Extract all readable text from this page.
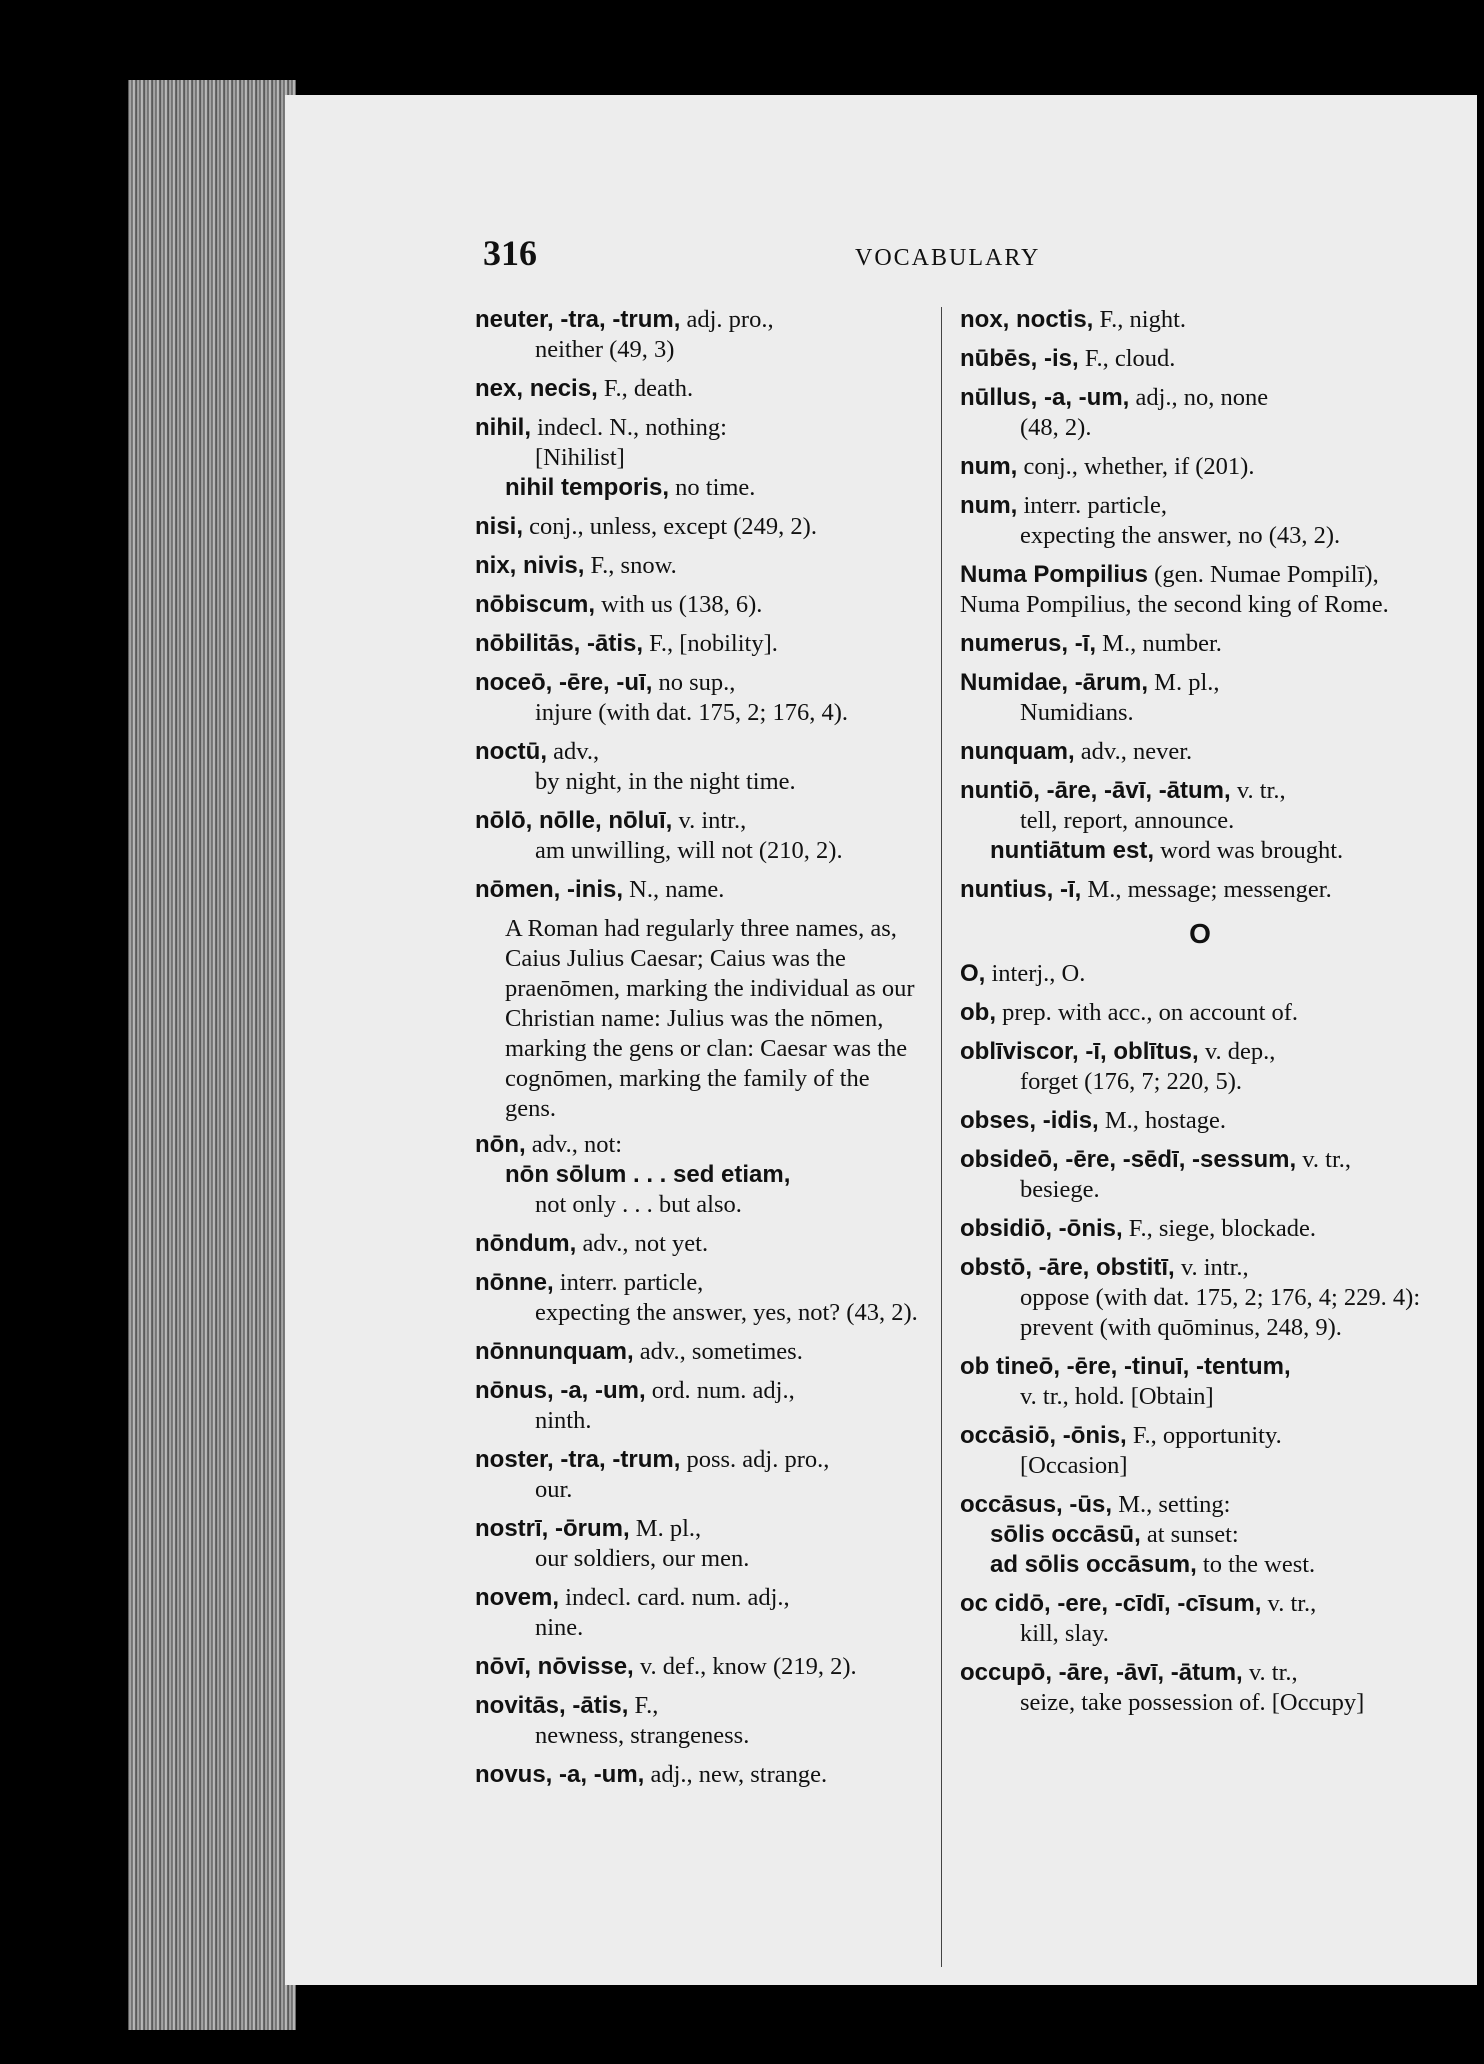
316	VOCABULARY
neuter, -tra, -trum, adj. pro.,
neither (49, 3)
nex, necis, F., death.
nihil, indecl. N., nothing:
[Nihilist]
nihil temporis, no time.
nisi, conj., unless, except (249, 2).
nix, nivis, F., snow.
nōbiscum, with us (138, 6).
nōbilitās, -ātis, F., [nobility].
noceō, -ēre, -uī, no sup.,
injure (with dat. 175, 2; 176, 4).
noctū, adv.,
by night, in the night time.
nōlō, nōlle, nōluī, v. intr.,
am unwilling, will not (210, 2).
nōmen, -inis, N., name.

A Roman had regularly three names, as, Caius Julius Caesar; Caius was the praenōmen, marking the individual as our Christian name: Julius was the nōmen, marking the gens or clan: Caesar was the cognōmen, marking the family of the gens.

nōn, adv., not:
nōn sōlum . . . sed etiam,
not only . . . but also.
nōndum, adv., not yet.
nōnne, interr. particle,
expecting the answer, yes, not? (43, 2).
nōnnunquam, adv., sometimes.
nōnus, -a, -um, ord. num. adj.,
ninth.
noster, -tra, -trum, poss. adj. pro.,
our.
nostrī, -ōrum, M. pl.,
our soldiers, our men.
novem, indecl. card. num. adj.,
nine.
nōvī, nōvisse, v. def., know (219, 2).
novitās, -ātis, F.,
newness, strangeness.
novus, -a, -um, adj., new, strange.
nox, noctis, F., night.
nūbēs, -is, F., cloud.
nūllus, -a, -um, adj., no, none
(48, 2).
num, conj., whether, if (201).
num, interr. particle,
expecting the answer, no (43, 2).
Numa Pompilius (gen. Numae Pompilī), Numa Pompilius, the second king of Rome.
numerus, -ī, M., number.
Numidae, -ārum, M. pl.,
Numidians.
nunquam, adv., never.
nuntiō, -āre, -āvī, -ātum, v. tr.,
tell, report, announce.
nuntiātum est, word was brought.
nuntius, -ī, M., message; messenger.
O
O, interj., O.
ob, prep. with acc., on account of.
oblīviscor, -ī, oblītus, v. dep.,
forget (176, 7; 220, 5).
obses, -idis, M., hostage.
obsideō, -ēre, -sēdī, -sessum, v. tr.,
besiege.
obsidiō, -ōnis, F., siege, blockade.
obstō, -āre, obstitī, v. intr.,
oppose (with dat. 175, 2; 176, 4; 229. 4): prevent (with quōminus, 248, 9).
ob tineō, -ēre, -tinuī, -tentum,
v. tr., hold. [Obtain]
occāsiō, -ōnis, F., opportunity.
[Occasion]
occāsus, -ūs, M., setting:
sōlis occāsū, at sunset:
ad sōlis occāsum, to the west.
oc cidō, -ere, -cīdī, -cīsum, v. tr.,
kill, slay.
occupō, -āre, -āvī, -ātum, v. tr.,
seize, take possession of. [Occupy]
